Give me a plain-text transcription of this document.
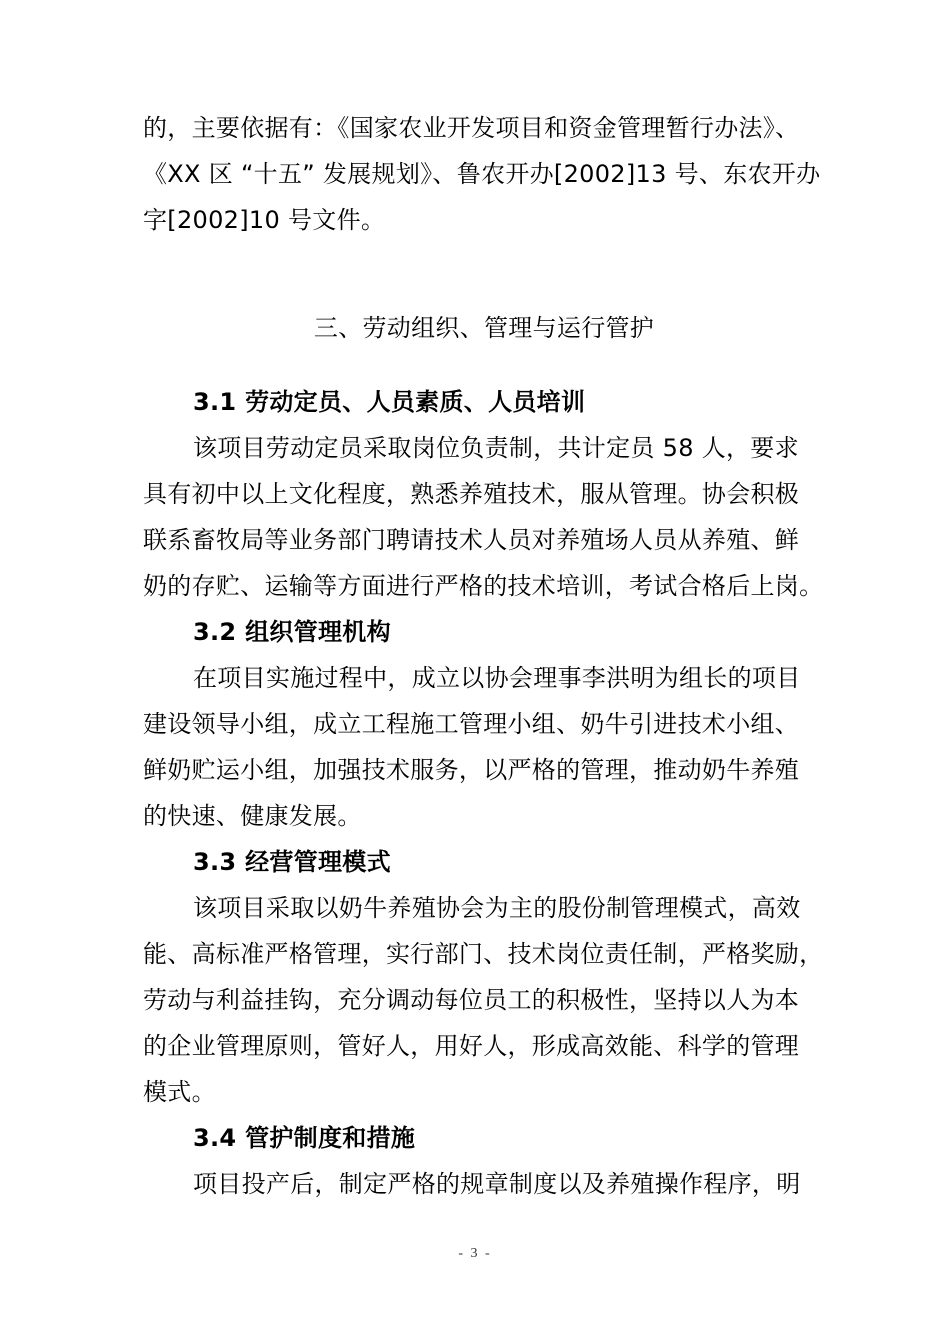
的，主要依据有：《国家农业开发项目和资金管理暂行办法》、
《XX 区 “十五” 发展规划》、鲁农开办[2002]13 号、东农开办
字[2002]10 号文件。
三、劳动组织、管理与运行管护
3.1 劳动定员、人员素质、人员培训
该项目劳动定员采取岗位负责制，共计定员 58 人，要求
具有初中以上文化程度，熟悉养殖技术，服从管理。协会积极
联系畜牧局等业务部门聘请技术人员对养殖场人员从养殖、鲜
奶的存贮、运输等方面进行严格的技术培训，考试合格后上岗。
3.2 组织管理机构
在项目实施过程中，成立以协会理事李洪明为组长的项目
建设领导小组，成立工程施工管理小组、奶牛引进技术小组、
鲜奶贮运小组，加强技术服务，以严格的管理，推动奶牛养殖
的快速、健康发展。
3.3 经营管理模式
该项目采取以奶牛养殖协会为主的股份制管理模式，高效
能、高标准严格管理，实行部门、技术岗位责任制，严格奖励，
劳动与利益挂钩，充分调动每位员工的积极性，坚持以人为本
的企业管理原则，管好人，用好人，形成高效能、科学的管理
模式。
3.4 管护制度和措施
项目投产后，制定严格的规章制度以及养殖操作程序，明
- 3 -
